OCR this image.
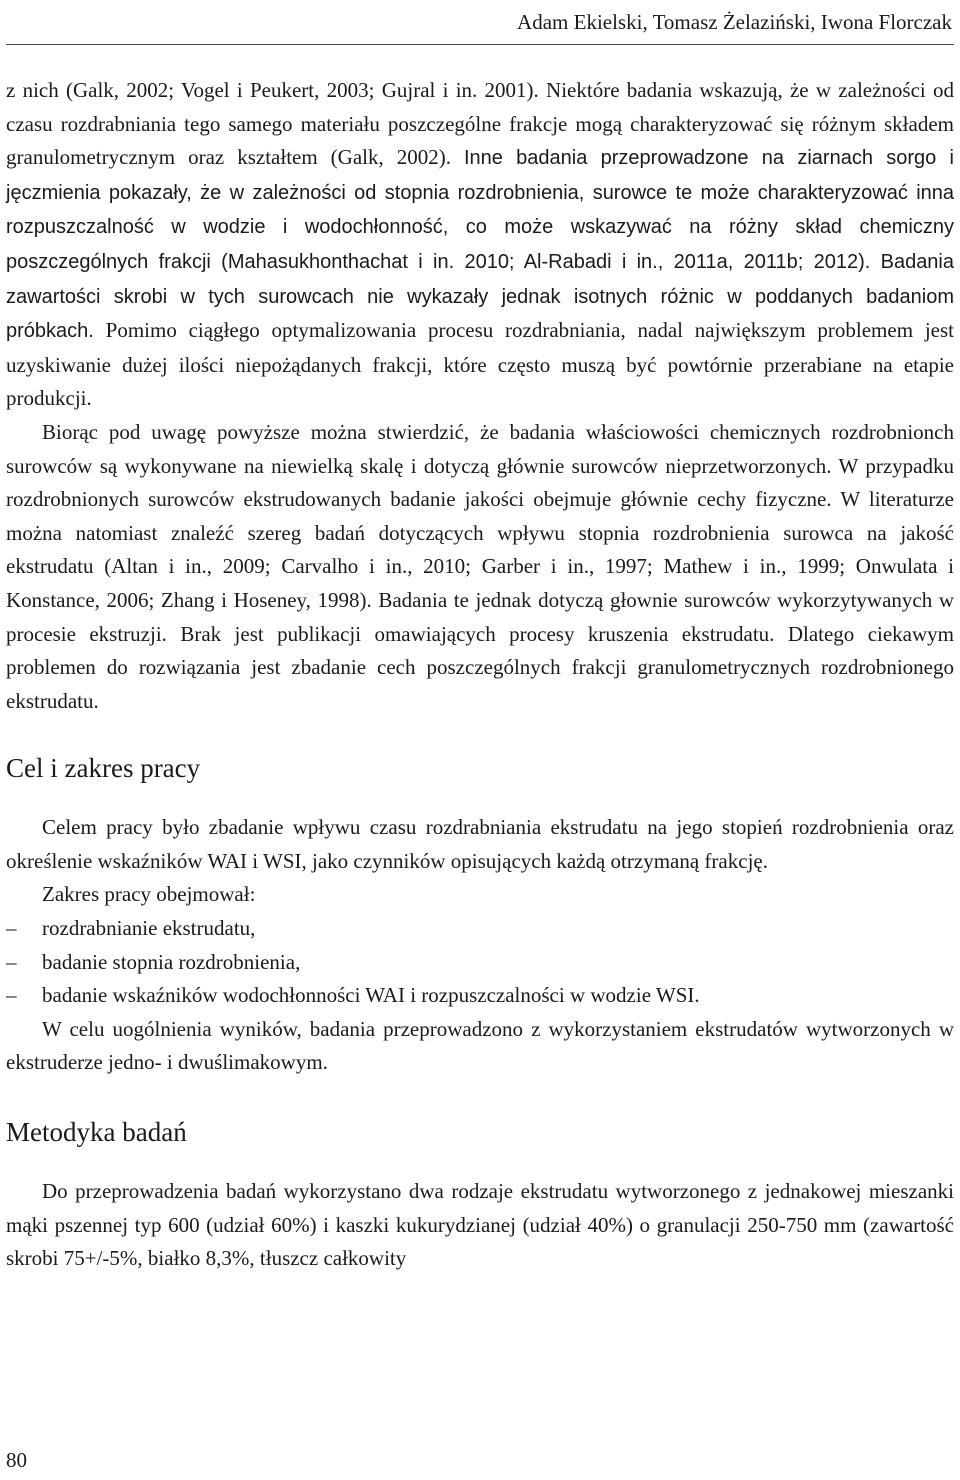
Adam Ekielski, Tomasz Żelaziński, Iwona Florczak

z nich (Galk, 2002; Vogel i Peukert, 2003; Gujral i in. 2001). Niektóre badania wskazują, że w zależności od czasu rozdrabniania tego samego materiału poszczególne frakcje mogą charakteryzować się różnym składem granulometrycznym oraz kształtem (Galk, 2002). Inne badania przeprowadzone na ziarnach sorgo i jęczmienia pokazały, że w zależności od stopnia rozdrobnienia, surowce te może charakteryzować inna rozpuszczalność w wodzie i wodochłonność, co może wskazywać na różny skład chemiczny poszczególnych frakcji (Mahasukhonthachat i in. 2010; Al-Rabadi i in., 2011a, 2011b; 2012). Badania zawartości skrobi w tych surowcach nie wykazały jednak isotnych różnic w poddanych badaniom próbkach. Pomimo ciągłego optymalizowania procesu rozdrabniania, nadal największym problemem jest uzyskiwanie dużej ilości niepożądanych frakcji, które często muszą być powtórnie przerabiane na etapie produkcji.

Biorąc pod uwagę powyższe można stwierdzić, że badania właściowości chemicznych rozdrobnionch surowców są wykonywane na niewielką skalę i dotyczą głównie surowców nieprzetworzonych. W przypadku rozdrobnionych surowców ekstrudowanych badanie jakości obejmuje głównie cechy fizyczne. W literaturze można natomiast znaleźć szereg badań dotyczących wpływu stopnia rozdrobnienia surowca na jakość ekstrudatu (Altan i in., 2009; Carvalho i in., 2010; Garber i in., 1997; Mathew i in., 1999; Onwulata i Konstance, 2006; Zhang i Hoseney, 1998). Badania te jednak dotyczą głownie surowców wykorzytywanych w procesie ekstruzji. Brak jest publikacji omawiających procesy kruszenia ekstrudatu. Dlatego ciekawym problemen do rozwiązania jest zbadanie cech poszczególnych frakcji granulometrycznych rozdrobnionego ekstrudatu.

Cel i zakres pracy

Celem pracy było zbadanie wpływu czasu rozdrabniania ekstrudatu na jego stopień rozdrobnienia oraz określenie wskaźników WAI i WSI, jako czynników opisujących każdą otrzymaną frakcję.

Zakres pracy obejmował:

–	rozdrabnianie ekstrudatu,
–	badanie stopnia rozdrobnienia,
–	badanie wskaźników wodochłonności WAI i rozpuszczalności w wodzie WSI.

W celu uogólnienia wyników, badania przeprowadzono z wykorzystaniem ekstrudatów wytworzonych w ekstruderze jedno- i dwuślimakowym.

Metodyka badań

Do przeprowadzenia badań wykorzystano dwa rodzaje ekstrudatu wytworzonego z jednakowej mieszanki mąki pszennej typ 600 (udział 60%) i kaszki kukurydzianej (udział 40%) o granulacji 250-750 mm (zawartość skrobi 75+/-5%, białko 8,3%, tłuszcz całkowity

80
